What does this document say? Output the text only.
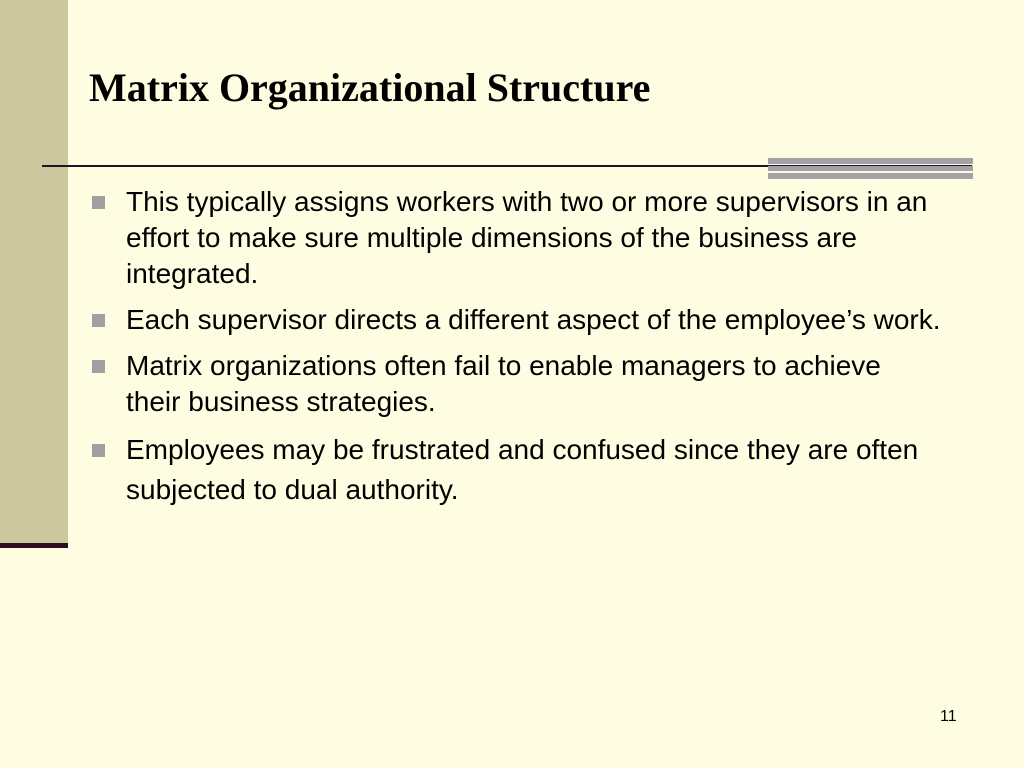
Matrix Organizational Structure
This typically assigns workers with two or more supervisors in an effort to make sure multiple dimensions of the business are integrated.
Each supervisor directs a different aspect of the employee’s work.
Matrix organizations often fail to enable managers to achieve their business strategies.
Employees may be frustrated and confused since they are often subjected to dual authority.
11
